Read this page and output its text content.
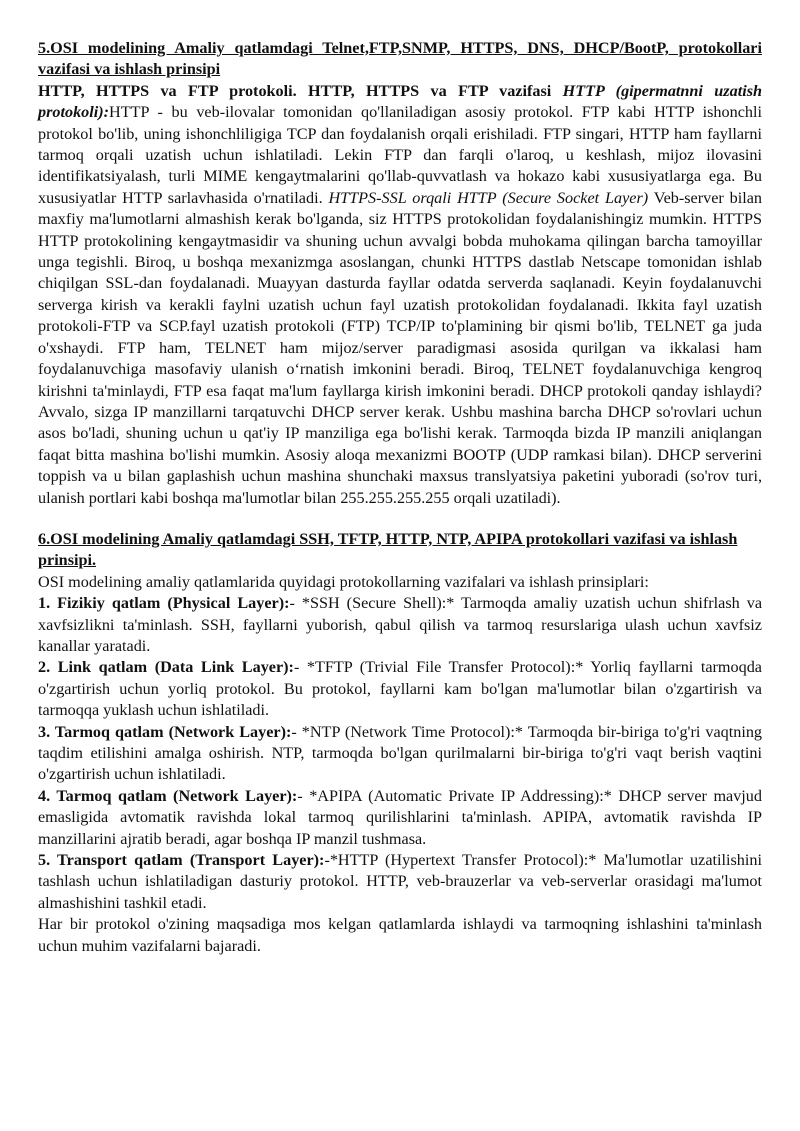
5.OSI modelining Amaliy qatlamdagi Telnet,FTP,SNMP, HTTPS, DNS, DHCP/BootP, protokollari vazifasi va ishlash prinsipi

HTTP, HTTPS va FTP protokoli. HTTP, HTTPS va FTP vazifasi HTTP (gipermatnni uzatish protokoli):HTTP - bu veb-ilovalar tomonidan qo'llaniladigan asosiy protokol. FTP kabi HTTP ishonchli protokol bo'lib, uning ishonchliligiga TCP dan foydalanish orqali erishiladi. FTP singari, HTTP ham fayllarni tarmoq orqali uzatish uchun ishlatiladi. Lekin FTP dan farqli o'laroq, u keshlash, mijoz ilovasini identifikatsiyalash, turli MIME kengaytmalarini qo'llab-quvvatlash va hokazo kabi xususiyatlarga ega. Bu xususiyatlar HTTP sarlavhasida o'rnatiladi. HTTPS-SSL orqali HTTP (Secure Socket Layer) Veb-server bilan maxfiy ma'lumotlarni almashish kerak bo'lganda, siz HTTPS protokolidan foydalanishingiz mumkin. HTTPS HTTP protokolining kengaytmasidir va shuning uchun avvalgi bobda muhokama qilingan barcha tamoyillar unga tegishli. Biroq, u boshqa mexanizmga asoslangan, chunki HTTPS dastlab Netscape tomonidan ishlab chiqilgan SSL-dan foydalanadi. Muayyan dasturda fayllar odatda serverda saqlanadi. Keyin foydalanuvchi serverga kirish va kerakli faylni uzatish uchun fayl uzatish protokolidan foydalanadi. Ikkita fayl uzatish protokoli-FTP va SCP.fayl uzatish protokoli (FTP) TCP/IP to'plamining bir qismi bo'lib, TELNET ga juda o'xshaydi. FTP ham, TELNET ham mijoz/server paradigmasi asosida qurilgan va ikkalasi ham foydalanuvchiga masofaviy ulanish o‘rnatish imkonini beradi. Biroq, TELNET foydalanuvchiga kengroq kirishni ta'minlaydi, FTP esa faqat ma'lum fayllarga kirish imkonini beradi. DHCP protokoli qanday ishlaydi? Avvalo, sizga IP manzillarni tarqatuvchi DHCP server kerak. Ushbu mashina barcha DHCP so'rovlari uchun asos bo'ladi, shuning uchun u qat'iy IP manziliga ega bo'lishi kerak. Tarmoqda bizda IP manzili aniqlangan faqat bitta mashina bo'lishi mumkin. Asosiy aloqa mexanizmi BOOTP (UDP ramkasi bilan). DHCP serverini toppish va u bilan gaplashish uchun mashina shunchaki maxsus translyatsiya paketini yuboradi (so'rov turi, ulanish portlari kabi boshqa ma'lumotlar bilan 255.255.255.255 orqali uzatiladi).

6.OSI modelining Amaliy qatlamdagi SSH, TFTP, HTTP, NTP, APIPA protokollari vazifasi va ishlash prinsipi.

OSI modelining amaliy qatlamlarida quyidagi protokollarning vazifalari va ishlash prinsiplari:

1. Fizikiy qatlam (Physical Layer):- *SSH (Secure Shell):* Tarmoqda amaliy uzatish uchun shifrlash va xavfsizlikni ta'minlash. SSH, fayllarni yuborish, qabul qilish va tarmoq resurslariga ulash uchun xavfsiz kanallar yaratadi.

2. Link qatlam (Data Link Layer):- *TFTP (Trivial File Transfer Protocol):* Yorliq fayllarni tarmoqda o'zgartirish uchun yorliq protokol. Bu protokol, fayllarni kam bo'lgan ma'lumotlar bilan o'zgartirish va tarmoqqa yuklash uchun ishlatiladi.

3. Tarmoq qatlam (Network Layer):- *NTP (Network Time Protocol):* Tarmoqda bir-biriga to'g'ri vaqtning taqdim etilishini amalga oshirish. NTP, tarmoqda bo'lgan qurilmalarni bir-biriga to'g'ri vaqt berish vaqtini o'zgartirish uchun ishlatiladi.

4. Tarmoq qatlam (Network Layer):- *APIPA (Automatic Private IP Addressing):* DHCP server mavjud emasligida avtomatik ravishda lokal tarmoq qurilishlarini ta'minlash. APIPA, avtomatik ravishda IP manzillarini ajratib beradi, agar boshqa IP manzil tushmasa.

5. Transport qatlam (Transport Layer):-*HTTP (Hypertext Transfer Protocol):* Ma'lumotlar uzatilishini tashlash uchun ishlatiladigan dasturiy protokol. HTTP, veb-brauzerlar va veb-serverlar orasidagi ma'lumot almashishini tashkil etadi.

Har bir protokol o'zining maqsadiga mos kelgan qatlamlarda ishlaydi va tarmoqning ishlashini ta'minlash uchun muhim vazifalarni bajaradi.
